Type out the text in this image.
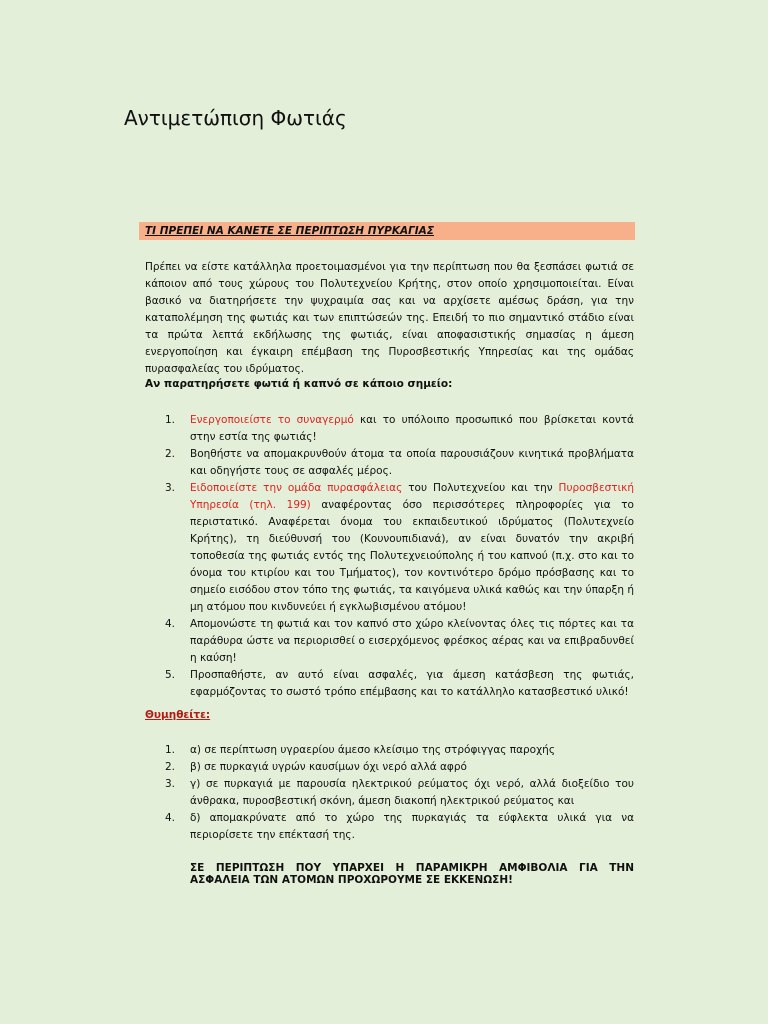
Αντιμετώπιση Φωτιάς
ΤΙ ΠΡΕΠΕΙ ΝΑ ΚΑΝΕΤΕ ΣΕ ΠΕΡΙΠΤΩΣΗ ΠΥΡΚΑΓΙΑΣ

Πρέπει να είστε κατάλληλα προετοιμασμένοι για την περίπτωση που θα ξεσπάσει φωτιά σε κάποιον από τους χώρους του Πολυτεχνείου Κρήτης, στον οποίο χρησιμοποιείται. Είναι βασικό να διατηρήσετε την ψυχραιμία σας και να αρχίσετε αμέσως δράση, για την καταπολέμηση της φωτιάς και των επιπτώσεών της. Επειδή το πιο σημαντικό στάδιο είναι τα πρώτα λεπτά εκδήλωσης της φωτιάς, είναι αποφασιστικής σημασίας η άμεση ενεργοποίηση και έγκαιρη επέμβαση της Πυροσβεστικής Υπηρεσίας και της ομάδας πυρασφαλείας του ιδρύματος.

Αν παρατηρήσετε φωτιά ή καπνό σε κάποιο σημείο:

1. Ενεργοποιείστε το συναγερμό και το υπόλοιπο προσωπικό που βρίσκεται κοντά στην εστία της φωτιάς!
2. Βοηθήστε να απομακρυνθούν άτομα τα οποία παρουσιάζουν κινητικά προβλήματα και οδηγήστε τους σε ασφαλές μέρος.
3. Ειδοποιείστε την ομάδα πυρασφάλειας του Πολυτεχνείου και την Πυροσβεστική Υπηρεσία (τηλ. 199) αναφέροντας όσο περισσότερες πληροφορίες για το περιστατικό. Αναφέρεται όνομα του εκπαιδευτικού ιδρύματος (Πολυτεχνείο Κρήτης), τη διεύθυνσή του (Κουνουπιδιανά), αν είναι δυνατόν την ακριβή τοποθεσία της φωτιάς εντός της Πολυτεχνειούπολης ή του καπνού (π.χ. στο και το όνομα του κτιρίου και του Τμήματος), τον κοντινότερο δρόμο πρόσβασης και το σημείο εισόδου στον τόπο της φωτιάς, τα καιγόμενα υλικά καθώς και την ύπαρξη ή μη ατόμου που κινδυνεύει ή εγκλωβισμένου ατόμου!
4. Απομονώστε τη φωτιά και τον καπνό στο χώρο κλείνοντας όλες τις πόρτες και τα παράθυρα ώστε να περιορισθεί ο εισερχόμενος φρέσκος αέρας και να επιβραδυνθεί η καύση!
5. Προσπαθήστε, αν αυτό είναι ασφαλές, για άμεση κατάσβεση της φωτιάς, εφαρμόζοντας το σωστό τρόπο επέμβασης και το κατάλληλο κατασβεστικό υλικό!

Θυμηθείτε:

1. α) σε περίπτωση υγραερίου άμεσο κλείσιμο της στρόφιγγας παροχής
2. β) σε πυρκαγιά υγρών καυσίμων όχι νερό αλλά αφρό
3. γ) σε πυρκαγιά με παρουσία ηλεκτρικού ρεύματος όχι νερό, αλλά διοξείδιο του άνθρακα, πυροσβεστική σκόνη, άμεση διακοπή ηλεκτρικού ρεύματος και
4. δ) απομακρύνατε από το χώρο της πυρκαγιάς τα εύφλεκτα υλικά για να περιορίσετε την επέκτασή της.

ΣΕ ΠΕΡΙΠΤΩΣΗ ΠΟΥ ΥΠΑΡΧΕΙ Η ΠΑΡΑΜΙΚΡΗ ΑΜΦΙΒΟΛΙΑ ΓΙΑ ΤΗΝ ΑΣΦΑΛΕΙΑ ΤΩΝ ΑΤΟΜΩΝ ΠΡΟΧΩΡΟΥΜΕ ΣΕ ΕΚΚΕΝΩΣΗ!
